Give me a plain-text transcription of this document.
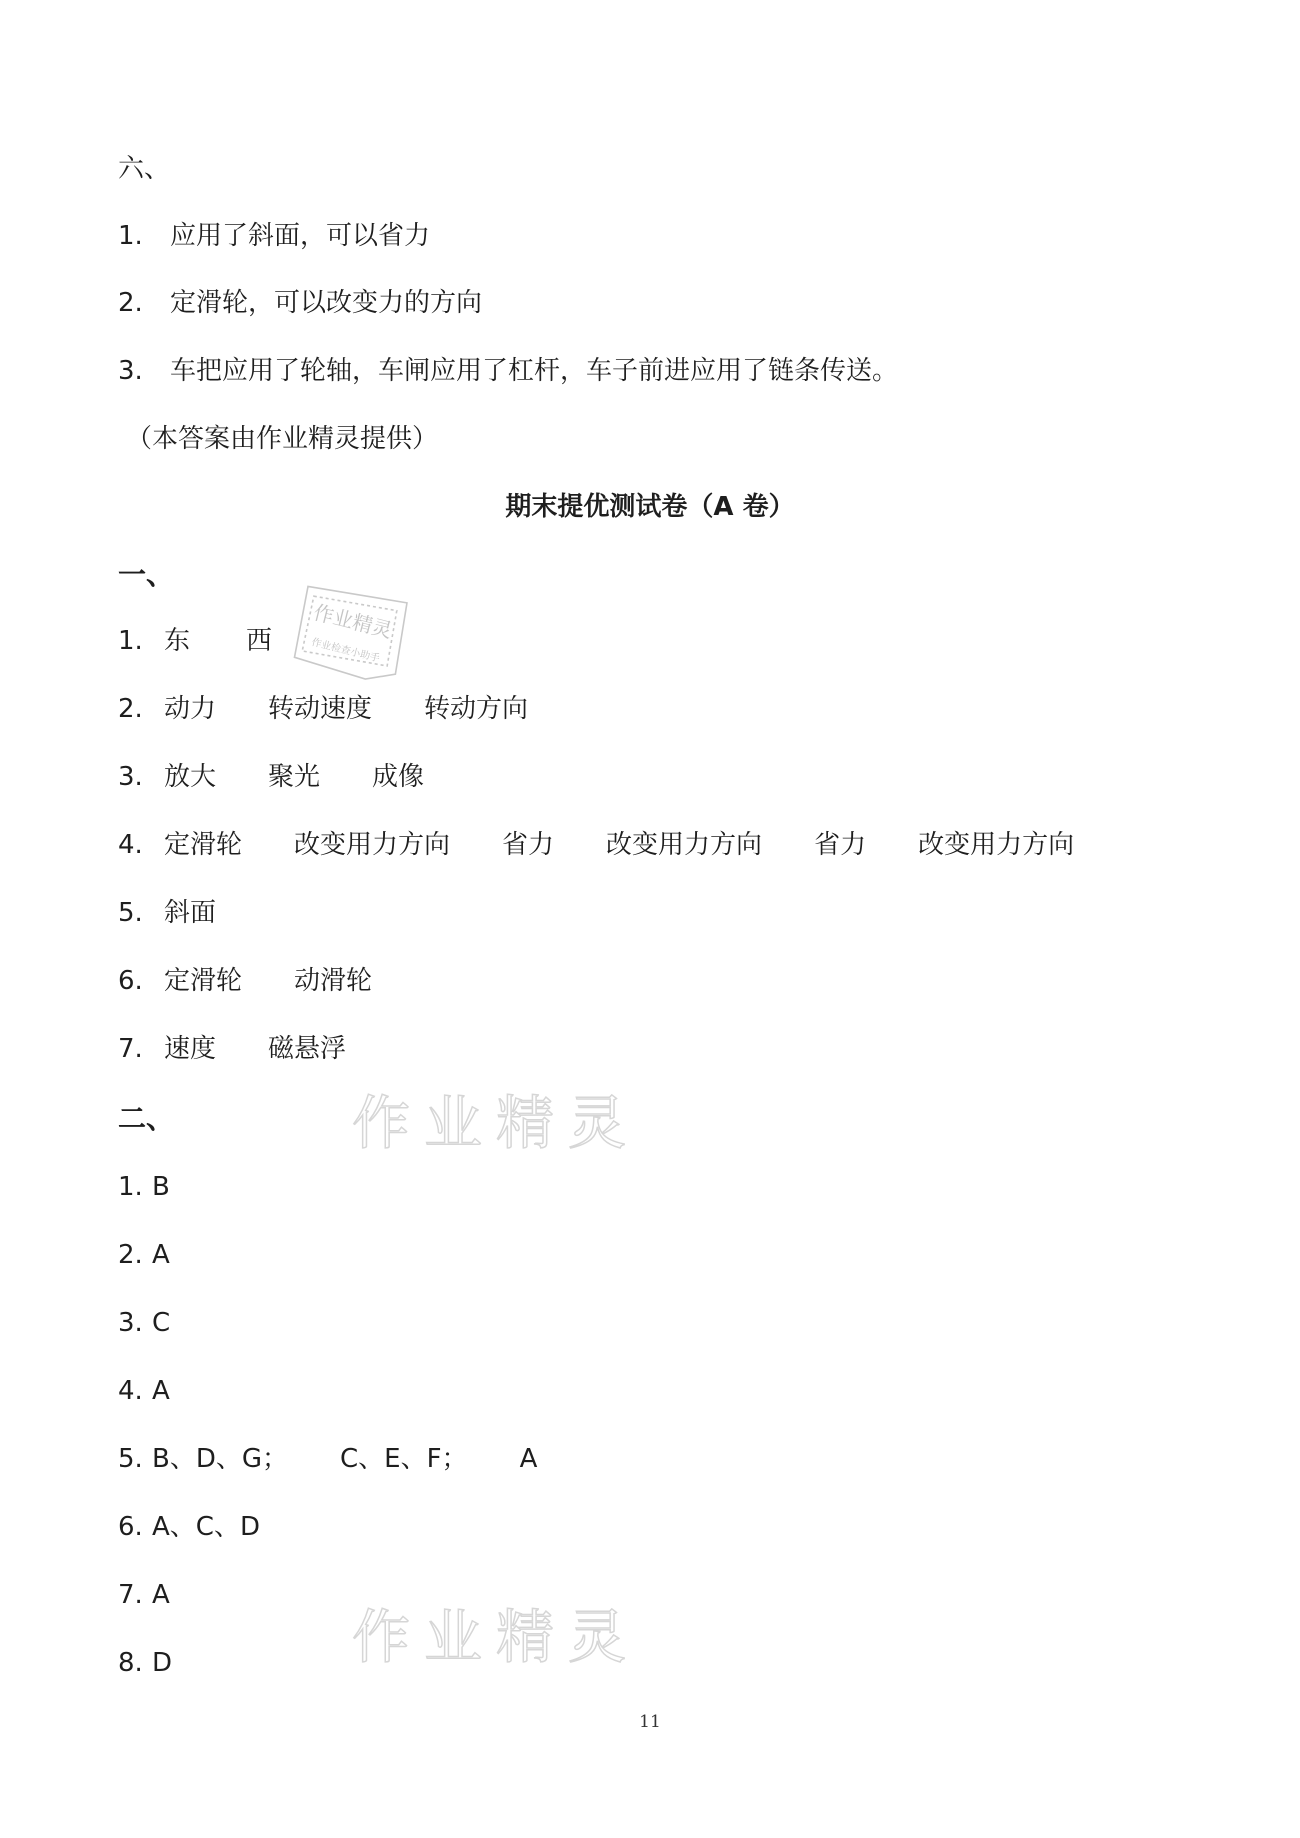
六、
1. 应用了斜面，可以省力
2. 定滑轮，可以改变力的方向
3. 车把应用了轮轴，车闸应用了杠杆，车子前进应用了链条传送。
（本答案由作业精灵提供）
期末提优测试卷（A 卷）
一、
1. 东 西
2. 动力 转动速度 转动方向
3. 放大 聚光 成像
4. 定滑轮 改变用力方向 省力 改变用力方向 省力 改变用力方向
5. 斜面
6. 定滑轮 动滑轮
7. 速度 磁悬浮
二、
1. B
2. A
3. C
4. A
5. B、D、G； C、E、F； A
6. A、C、D
7. A
8. D
作业精灵
作业检查小助手
作业精灵
作业精灵
11
